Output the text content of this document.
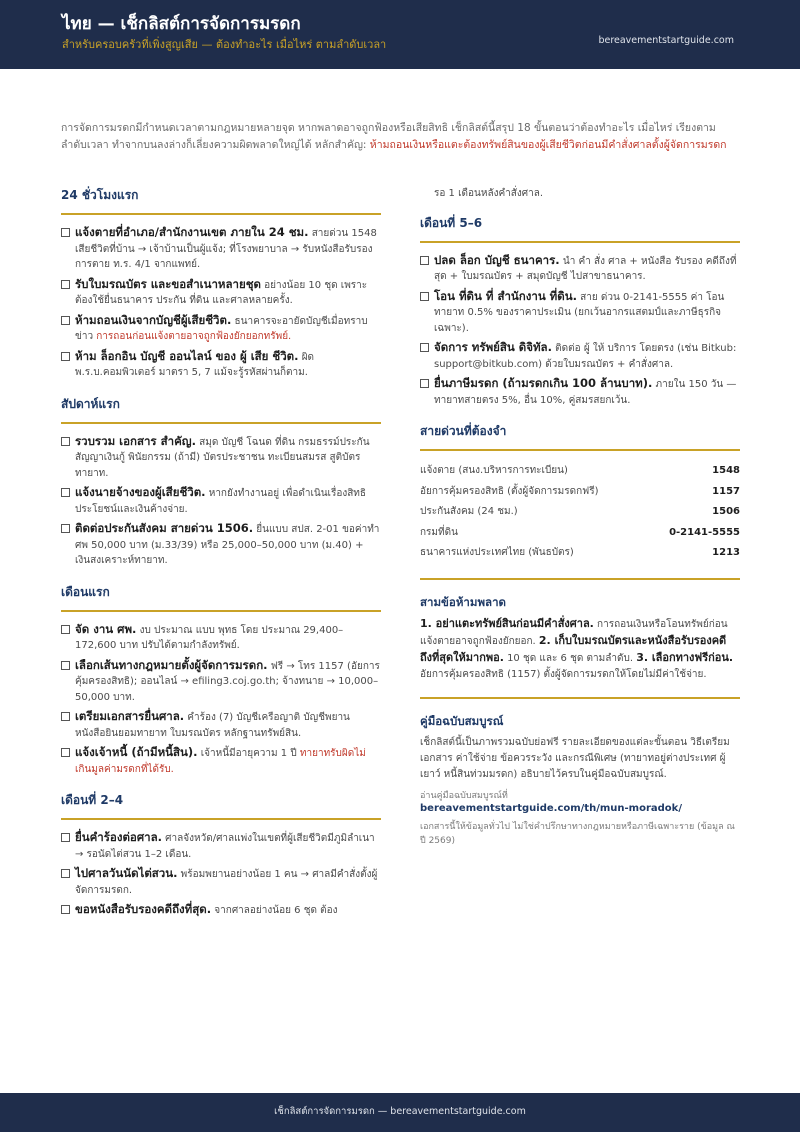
ไทย — เช็กลิสต์การจัดการมรดก
สำหรับครอบครัวที่เพิ่งสูญเสีย — ต้องทำอะไร เมื่อไหร่ ตามลำดับเวลา	bereavementstartguide.com
การจัดการมรดกมีกำหนดเวลาตามกฎหมายหลายจุด หากพลาดอาจถูกฟ้องหรือเสียสิทธิ เช็กลิสต์นี้สรุป 18 ขั้นตอนว่าต้องทำอะไร เมื่อไหร่ เรียงตามลำดับเวลา ทำจากบนลงล่างก็เลี่ยงความผิดพลาดใหญ่ได้ หลักสำคัญ: ห้ามถอนเงินหรือแตะต้องทรัพย์สินของผู้เสียชีวิตก่อนมีคำสั่งศาลตั้งผู้จัดการมรดก
24 ชั่วโมงแรก
แจ้งตายที่อำเภอ/สำนักงานเขต ภายใน 24 ชม. สายด่วน 1548 เสียชีวิตที่บ้าน → เจ้าบ้านเป็นผู้แจ้ง; ที่โรงพยาบาล → รับหนังสือรับรองการตาย ท.ร. 4/1 จากแพทย์.
รับใบมรณบัตร และขอสำเนาหลายชุด อย่างน้อย 10 ชุด เพราะต้องใช้ยื่นธนาคาร ประกัน ที่ดิน และศาลหลายครั้ง.
ห้ามถอนเงินจากบัญชีผู้เสียชีวิต. ธนาคารจะอายัดบัญชีเมื่อทราบข่าว การถอนก่อนแจ้งตายอาจถูกฟ้องยักยอกทรัพย์.
ห้าม ล็อกอิน บัญชี ออนไลน์ ของ ผู้ เสีย ชีวิต. ผิด พ.ร.บ.คอมพิวเตอร์ มาตรา 5, 7 แม้จะรู้รหัสผ่านก็ตาม.
สัปดาห์แรก
รวบรวม เอกสาร สำคัญ. สมุด บัญชี โฉนด ที่ดิน กรมธรรม์ประกัน สัญญาเงินกู้ พินัยกรรม (ถ้ามี) บัตรประชาชน ทะเบียนสมรส สูติบัตรทายาท.
แจ้งนายจ้างของผู้เสียชีวิต. หากยังทำงานอยู่ เพื่อดำเนินเรื่องสิทธิประโยชน์และเงินค้างจ่าย.
ติดต่อประกันสังคม สายด่วน 1506. ยื่นแบบ สปส. 2-01 ขอค่าทำศพ 50,000 บาท (ม.33/39) หรือ 25,000–50,000 บาท (ม.40) + เงินสงเคราะห์ทายาท.
เดือนแรก
จัด งาน ศพ. งบ ประมาณ แบบ พุทธ โดย ประมาณ 29,400–172,600 บาท ปรับได้ตามกำลังทรัพย์.
เลือกเส้นทางกฎหมายตั้งผู้จัดการมรดก. ฟรี → โทร 1157 (อัยการคุ้มครองสิทธิ); ออนไลน์ → efiling3.coj.go.th; จ้างทนาย → 10,000–50,000 บาท.
เตรียมเอกสารยื่นศาล. คำร้อง (7) บัญชีเครือญาติ บัญชีพยาน หนังสือยินยอมทายาท ใบมรณบัตร หลักฐานทรัพย์สิน.
แจ้งเจ้าหนี้ (ถ้ามีหนี้สิน). เจ้าหนี้มีอายุความ 1 ปี ทายาทรับผิดไม่เกินมูลค่ามรดกที่ได้รับ.
เดือนที่ 2–4
ยื่นคำร้องต่อศาล. ศาลจังหวัด/ศาลแพ่งในเขตที่ผู้เสียชีวิตมีภูมิลำเนา → รอนัดไต่สวน 1–2 เดือน.
ไปศาลวันนัดไต่สวน. พร้อมพยานอย่างน้อย 1 คน → ศาลมีคำสั่งตั้งผู้จัดการมรดก.
ขอหนังสือรับรองคดีถึงที่สุด. จากศาลอย่างน้อย 6 ชุด ต้อง
รอ 1 เดือนหลังคำสั่งศาล.
เดือนที่ 5–6
ปลด ล็อก บัญชี ธนาคาร. นำ คำ สั่ง ศาล + หนังสือ รับรอง คดีถึงที่สุด + ใบมรณบัตร + สมุดบัญชี ไปสาขาธนาคาร.
โอน ที่ดิน ที่ สำนักงาน ที่ดิน. สาย ด่วน 0-2141-5555 ค่า โอนทายาท 0.5% ของราคาประเมิน (ยกเว้นอากรแสตมป์และภาษีธุรกิจเฉพาะ).
จัดการ ทรัพย์สิน ดิจิทัล. ติดต่อ ผู้ ให้ บริการ โดยตรง (เช่น Bitkub: support@bitkub.com) ด้วยใบมรณบัตร + คำสั่งศาล.
ยื่นภาษีมรดก (ถ้ามรดกเกิน 100 ล้านบาท). ภายใน 150 วัน — ทายาทสายตรง 5%, อื่น 10%, คู่สมรสยกเว้น.
สายด่วนที่ต้องจำ
แจ้งตาย (สนง.บริหารการทะเบียน)	1548
อัยการคุ้มครองสิทธิ (ตั้งผู้จัดการมรดกฟรี)	1157
ประกันสังคม (24 ชม.)	1506
กรมที่ดิน	0-2141-5555
ธนาคารแห่งประเทศไทย (พันธบัตร)	1213
สามข้อห้ามพลาด
1. อย่าแตะทรัพย์สินก่อนมีคำสั่งศาล. การถอนเงินหรือโอนทรัพย์ก่อนแจ้งตายอาจถูกฟ้องยักยอก. 2. เก็บใบมรณบัตรและหนังสือรับรองคดีถึงที่สุดให้มากพอ. 10 ชุด และ 6 ชุด ตามลำดับ. 3. เลือกทางฟรีก่อน. อัยการคุ้มครองสิทธิ (1157) ตั้งผู้จัดการมรดกให้โดยไม่มีค่าใช้จ่าย.
คู่มือฉบับสมบูรณ์
เช็กลิสต์นี้เป็นภาพรวมฉบับย่อฟรี รายละเอียดของแต่ละขั้นตอน วิธีเตรียมเอกสาร ค่าใช้จ่าย ข้อควรระวัง และกรณีพิเศษ (ทายาทอยู่ต่างประเทศ ผู้เยาว์ หนี้สินท่วมมรดก) อธิบายไว้ครบในคู่มือฉบับสมบูรณ์.
อ่านคู่มือฉบับสมบูรณ์ที่
bereavementstartguide.com/th/mun-moradok/
เอกสารนี้ให้ข้อมูลทั่วไป ไม่ใช่คำปรึกษาทางกฎหมายหรือภาษีเฉพาะราย (ข้อมูล ณ ปี 2569)
เช็กลิสต์การจัดการมรดก — bereavementstartguide.com
